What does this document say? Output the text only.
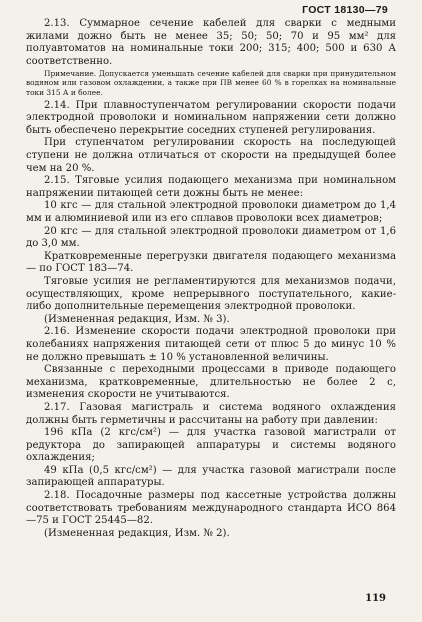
ГОСТ 18130—79

2.13. Суммарное сечение кабелей для сварки с медными жилами дожно быть не менее 35; 50; 50; 70 и 95 мм² для полуавтоматов на номинальные токи 200; 315; 400; 500 и 630 А соответственно.

Примечание. Допускается уменьшать сечение кабелей для сварки при принудительном водяном или газовом охлаждении, а также при ПВ менее 60 % в горелках на номинальные токи 315 А и более.

2.14. При плавноступенчатом регулировании скорости подачи электродной проволоки и номинальном напряжении сети должно быть обеспечено перекрытие соседних ступеней регулирования.

При ступенчатом регулировании скорость на последующей ступени не должна отличаться от скорости на предыдущей более чем на 20 %.

2.15. Тяговые усилия подающего механизма при номинальном напряжении питающей сети дожны быть не менее:

10 кгс — для стальной электродной проволоки диаметром до 1,4 мм и алюминиевой или из его сплавов проволоки всех диаметров;

20 кгс — для стальной электродной проволоки диаметром от 1,6 до 3,0 мм.

Кратковременные перегрузки двигателя подающего механизма — по ГОСТ 183—74.

Тяговые усилия не регламентируются для механизмов подачи, осуществляющих, кроме непрерывного поступательного, какие-либо дополнительные перемещения электродной проволоки.

(Измененная редакция, Изм. № 3).

2.16. Изменение скорости подачи электродной проволоки при колебаниях напряжения питающей сети от плюс 5 до минус 10 % не должно превышать ± 10 % установленной величины.

Связанные с переходными процессами в приводе подающего механизма, кратковременные, длительностью не более 2 с, изменения скорости не учитываются.

2.17. Газовая магистраль и система водяного охлаждения должны быть герметичны и рассчитаны на работу при давлении:

196 кПа (2 кгс/см²) — для участка газовой магистрали от редуктора до запирающей аппаратуры и системы водяного охлаждения;

49 кПа (0,5 кгс/см²) — для участка газовой магистрали после запирающей аппаратуры.

2.18. Посадочные размеры под кассетные устройства должны соответствовать требованиям международного стандарта ИСО 864—75 и ГОСТ 25445—82.

(Измененная редакция, Изм. № 2).

119
